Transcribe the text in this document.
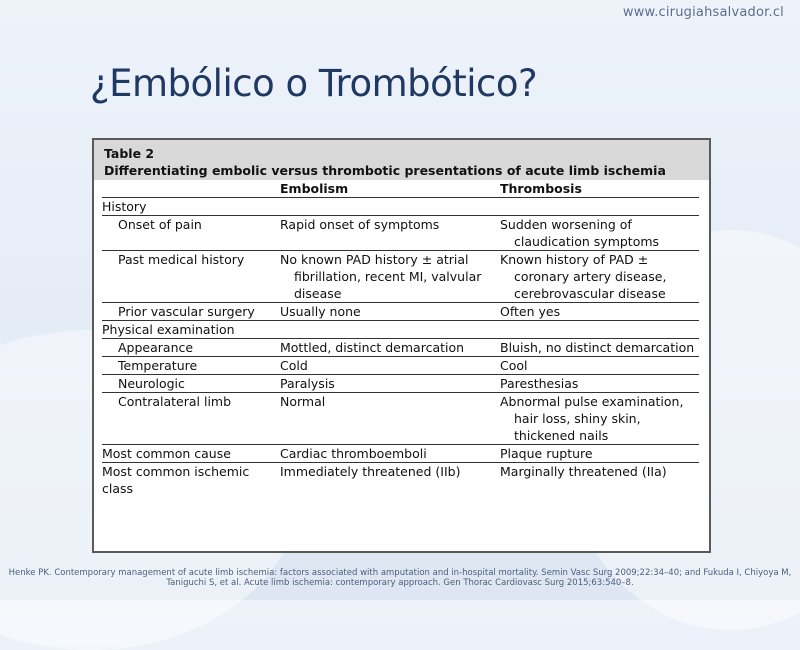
www.cirugiahsalvador.cl
¿Embólico o Trombótico?
Table 2
Differentiating embolic versus thrombotic presentations of acute limb ischemia
	Embolism	Thrombosis
History		
Onset of pain	Rapid onset of symptoms	Sudden worsening of claudication symptoms

Past medical history	No known PAD history ± atrial fibrillation, recent MI, valvular disease	Known history of PAD ± coronary artery disease, cerebrovascular disease

Prior vascular surgery	Usually none	Often yes
Physical examination		
Appearance	Mottled, distinct demarcation	Bluish, no distinct demarcation
Temperature	Cold	Cool
Neurologic	Paralysis	Paresthesias
Contralateral limb	Normal	Abnormal pulse examination, hair loss, shiny skin, thickened nails

Most common cause	Cardiac thromboemboli	Plaque rupture
Most common ischemic class	Immediately threatened (IIb)	Marginally threatened (IIa)
Henke PK. Contemporary management of acute limb ischemia: factors associated with amputation and in-hospital mortality. Semin Vasc Surg 2009;22:34–40; and Fukuda I, Chiyoya M, Taniguchi S, et al. Acute limb ischemia: contemporary approach. Gen Thorac Cardiovasc Surg 2015;63:540–8.
